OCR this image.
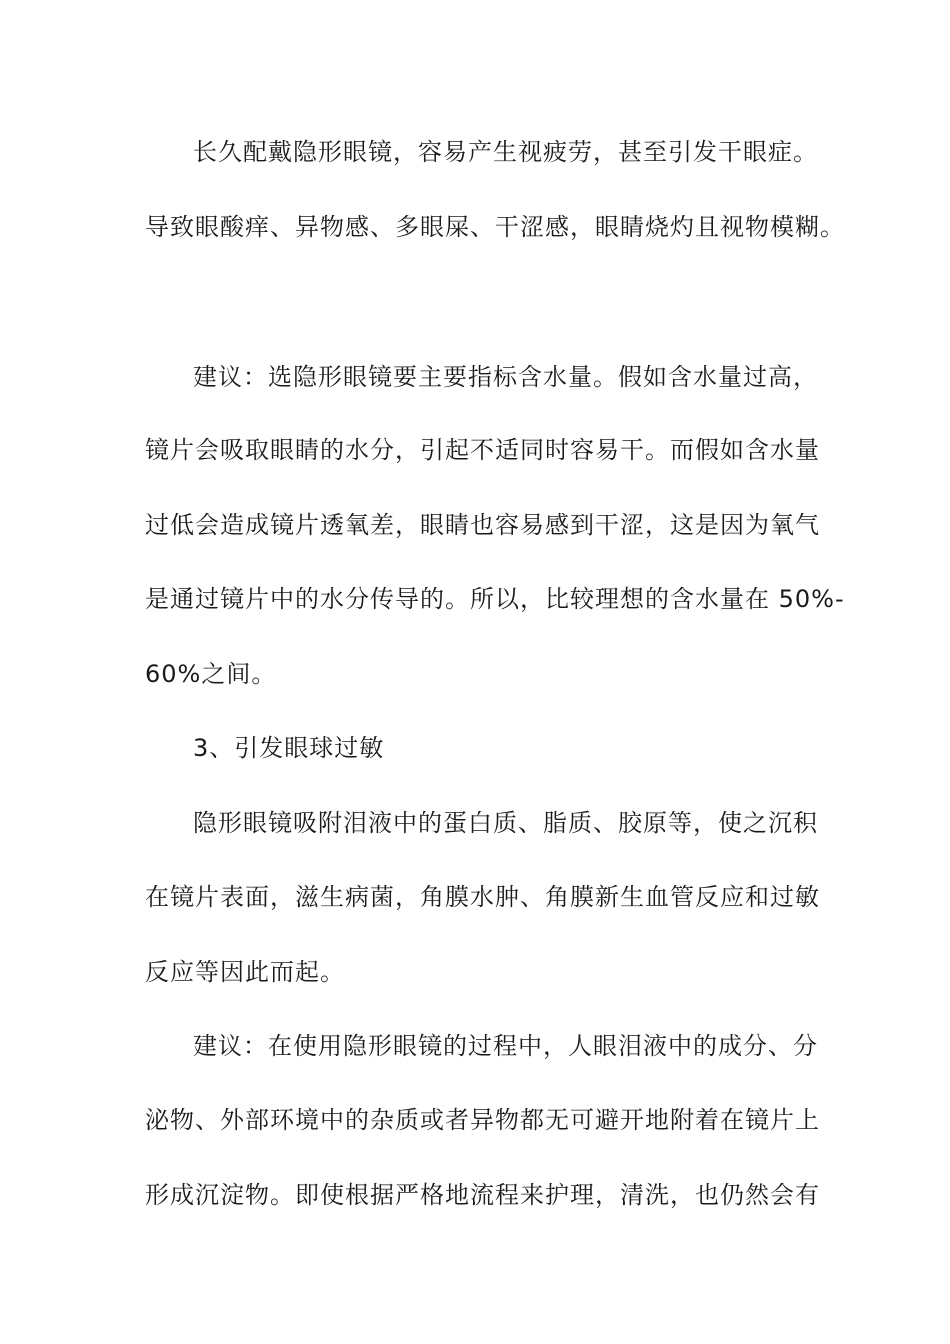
长久配戴隐形眼镜，容易产生视疲劳，甚至引发干眼症。
导致眼酸痒、异物感、多眼屎、干涩感，眼睛烧灼且视物模糊。
建议：选隐形眼镜要主要指标含水量。假如含水量过高，
镜片会吸取眼睛的水分，引起不适同时容易干。而假如含水量
过低会造成镜片透氧差，眼睛也容易感到干涩，这是因为氧气
是通过镜片中的水分传导的。所以，比较理想的含水量在 50%-
60%之间。
3、引发眼球过敏
隐形眼镜吸附泪液中的蛋白质、脂质、胶原等，使之沉积
在镜片表面，滋生病菌，角膜水肿、角膜新生血管反应和过敏
反应等因此而起。
建议：在使用隐形眼镜的过程中，人眼泪液中的成分、分
泌物、外部环境中的杂质或者异物都无可避开地附着在镜片上
形成沉淀物。即使根据严格地流程来护理，清洗，也仍然会有
